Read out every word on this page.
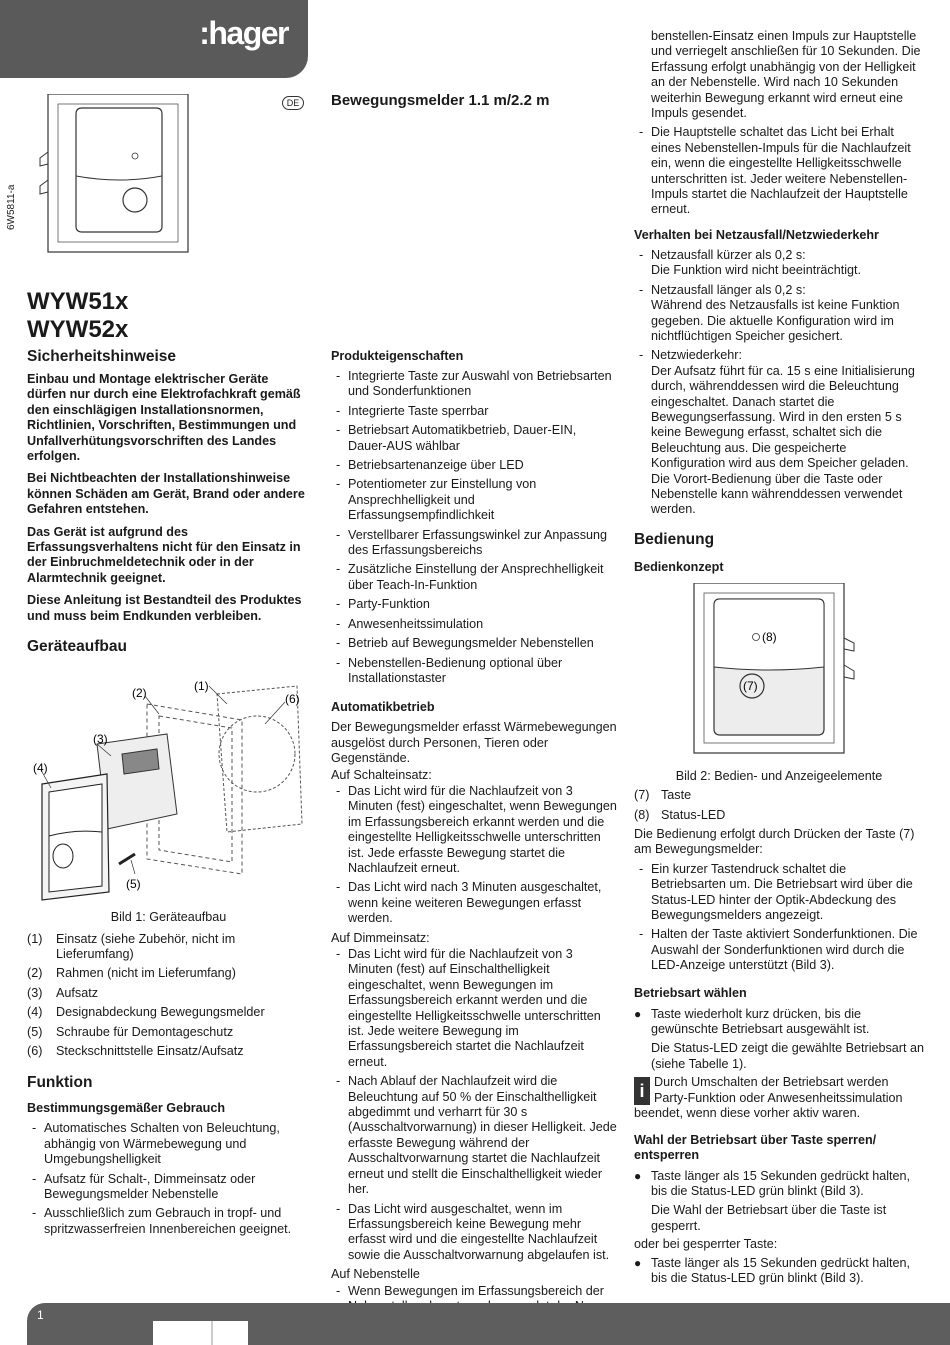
:hager
6W5811-a
DE	Bewegungsmelder 1.1 m/2.2 m
WYW51x
WYW52x
Sicherheitshinweise
Einbau und Montage elektrischer Geräte dürfen nur durch eine Elektrofachkraft gemäß den einschlägigen Installationsnormen, Richtlinien, Vorschriften, Bestimmungen und Unfallverhütungsvorschriften des Landes erfolgen.
Bei Nichtbeachten der Installationshinweise können Schäden am Gerät, Brand oder andere Gefahren entstehen.
Das Gerät ist aufgrund des Erfassungsverhaltens nicht für den Einsatz in der Einbruchmeldetechnik oder in der Alarmtechnik geeignet.
Diese Anleitung ist Bestandteil des Produktes und muss beim Endkunden verbleiben.
Geräteaufbau
(1)
(2)
(3)
(4)
(5)
(6)
Bild 1: Geräteaufbau
(1)	Einsatz (siehe Zubehör, nicht im Lieferumfang)
(2)	Rahmen (nicht im Lieferumfang)
(3)	Aufsatz
(4)	Designabdeckung Bewegungsmelder
(5)	Schraube für Demontageschutz
(6)	Steckschnittstelle Einsatz/Aufsatz
Funktion
Bestimmungsgemäßer Gebrauch
- Automatisches Schalten von Beleuchtung, abhängig von Wärmebewegung und Umgebungshelligkeit
- Aufsatz für Schalt-, Dimmeinsatz oder Bewegungsmelder Nebenstelle
- Ausschließlich zum Gebrauch in tropf- und spritzwasserfreien Innenbereichen geeignet.
Produkteigenschaften
- Integrierte Taste zur Auswahl von Betriebsarten und Sonderfunktionen
- Integrierte Taste sperrbar
- Betriebsart Automatikbetrieb, Dauer-EIN, Dauer-AUS wählbar
- Betriebsartenanzeige über LED
- Potentiometer zur Einstellung von Ansprechhelligkeit und Erfassungsempfindlichkeit
- Verstellbarer Erfassungswinkel zur Anpassung des Erfassungsbereichs
- Zusätzliche Einstellung der Ansprechhelligkeit über Teach-In-Funktion
- Party-Funktion
- Anwesenheitssimulation
- Betrieb auf Bewegungsmelder Nebenstellen
- Nebenstellen-Bedienung optional über Installationstaster
Automatikbetrieb
Der Bewegungsmelder erfasst Wärmebewegungen ausgelöst durch Personen, Tieren oder Gegenstände.
Auf Schalteinsatz:
- Das Licht wird für die Nachlaufzeit von 3 Minuten (fest) eingeschaltet, wenn Bewegungen im Erfassungsbereich erkannt werden und die eingestellte Helligkeitsschwelle unterschritten ist. Jede erfasste Bewegung startet die Nachlaufzeit erneut.
- Das Licht wird nach 3 Minuten ausgeschaltet, wenn keine weiteren Bewegungen erfasst werden.
Auf Dimmeinsatz:
- Das Licht wird für die Nachlaufzeit von 3 Minuten (fest) auf Einschalthelligkeit eingeschaltet, wenn Bewegungen im Erfassungsbereich erkannt werden und die eingestellte Helligkeitsschwelle unterschritten ist. Jede weitere Bewegung im Erfassungsbereich startet die Nachlaufzeit erneut.
- Nach Ablauf der Nachlaufzeit wird die Beleuchtung auf 50 % der Einschalthelligkeit abgedimmt und verharrt für 30 s (Ausschaltvorwarnung) in dieser Helligkeit. Jede erfasste Bewegung während der Ausschaltvorwarnung startet die Nachlaufzeit erneut und stellt die Einschalthelligkeit wieder her.
- Das Licht wird ausgeschaltet, wenn im Erfassungsbereich keine Bewegung mehr erfasst wird und die eingestellte Nachlaufzeit sowie die Ausschaltvorwarnung abgelaufen ist.
Auf Nebenstelle
- Wenn Bewegungen im Erfassungsbereich der
benstellen-Einsatz einen Impuls zur Hauptstelle und verriegelt anschließen für 10 Sekunden. Die Erfassung erfolgt unabhängig von der Helligkeit an der Nebenstelle. Wird nach 10 Sekunden weiterhin Bewegung erkannt wird erneut eine Impuls gesendet.
- Die Hauptstelle schaltet das Licht bei Erhalt eines Nebenstellen-Impuls für die Nachlaufzeit ein, wenn die eingestellte Helligkeitsschwelle unterschritten ist. Jeder weitere Nebenstellen-Impuls startet die Nachlaufzeit der Hauptstelle erneut.
Verhalten bei Netzausfall/Netzwiederkehr
- Netzausfall kürzer als 0,2 s:
Die Funktion wird nicht beeinträchtigt.
- Netzausfall länger als 0,2 s:
Während des Netzausfalls ist keine Funktion gegeben. Die aktuelle Konfiguration wird im nichtflüchtigen Speicher gesichert.
- Netzwiederkehr:
Der Aufsatz führt für ca. 15 s eine Initialisierung durch, währenddessen wird die Beleuchtung eingeschaltet. Danach startet die Bewegungserfassung. Wird in den ersten 5 s keine Bewegung erfasst, schaltet sich die Beleuchtung aus. Die gespeicherte Konfiguration wird aus dem Speicher geladen. Die Vorort-Bedienung über die Taste oder Nebenstelle kann währenddessen verwendet werden.
Bedienung
Bedienkonzept
(8)
(7)
Bild 2: Bedien- und Anzeigeelemente
(7) Taste
(8) Status-LED
Die Bedienung erfolgt durch Drücken der Taste (7) am Bewegungsmelder:
- Ein kurzer Tastendruck schaltet die Betriebsarten um. Die Betriebsart wird über die Status-LED hinter der Optik-Abdeckung des Bewegungsmelders angezeigt.
- Halten der Taste aktiviert Sonderfunktionen. Die Auswahl der Sonderfunktionen wird durch die LED-Anzeige unterstützt (Bild 3).
Betriebsart wählen
● Taste wiederholt kurz drücken, bis die gewünschte Betriebsart ausgewählt ist.
Die Status-LED zeigt die gewählte Betriebsart an (siehe Tabelle 1).
i Durch Umschalten der Betriebsart werden Party-Funktion oder Anwesenheitssimulation beendet, wenn diese vorher aktiv waren.
Wahl der Betriebsart über Taste sperren/ entsperren
● Taste länger als 15 Sekunden gedrückt halten, bis die Status-LED grün blinkt (Bild 3).
Die Wahl der Betriebsart über die Taste ist gesperrt.
oder bei gesperrter Taste:
● Taste länger als 15 Sekunden gedrückt halten, bis die Status-LED grün blinkt (Bild 3).
1
